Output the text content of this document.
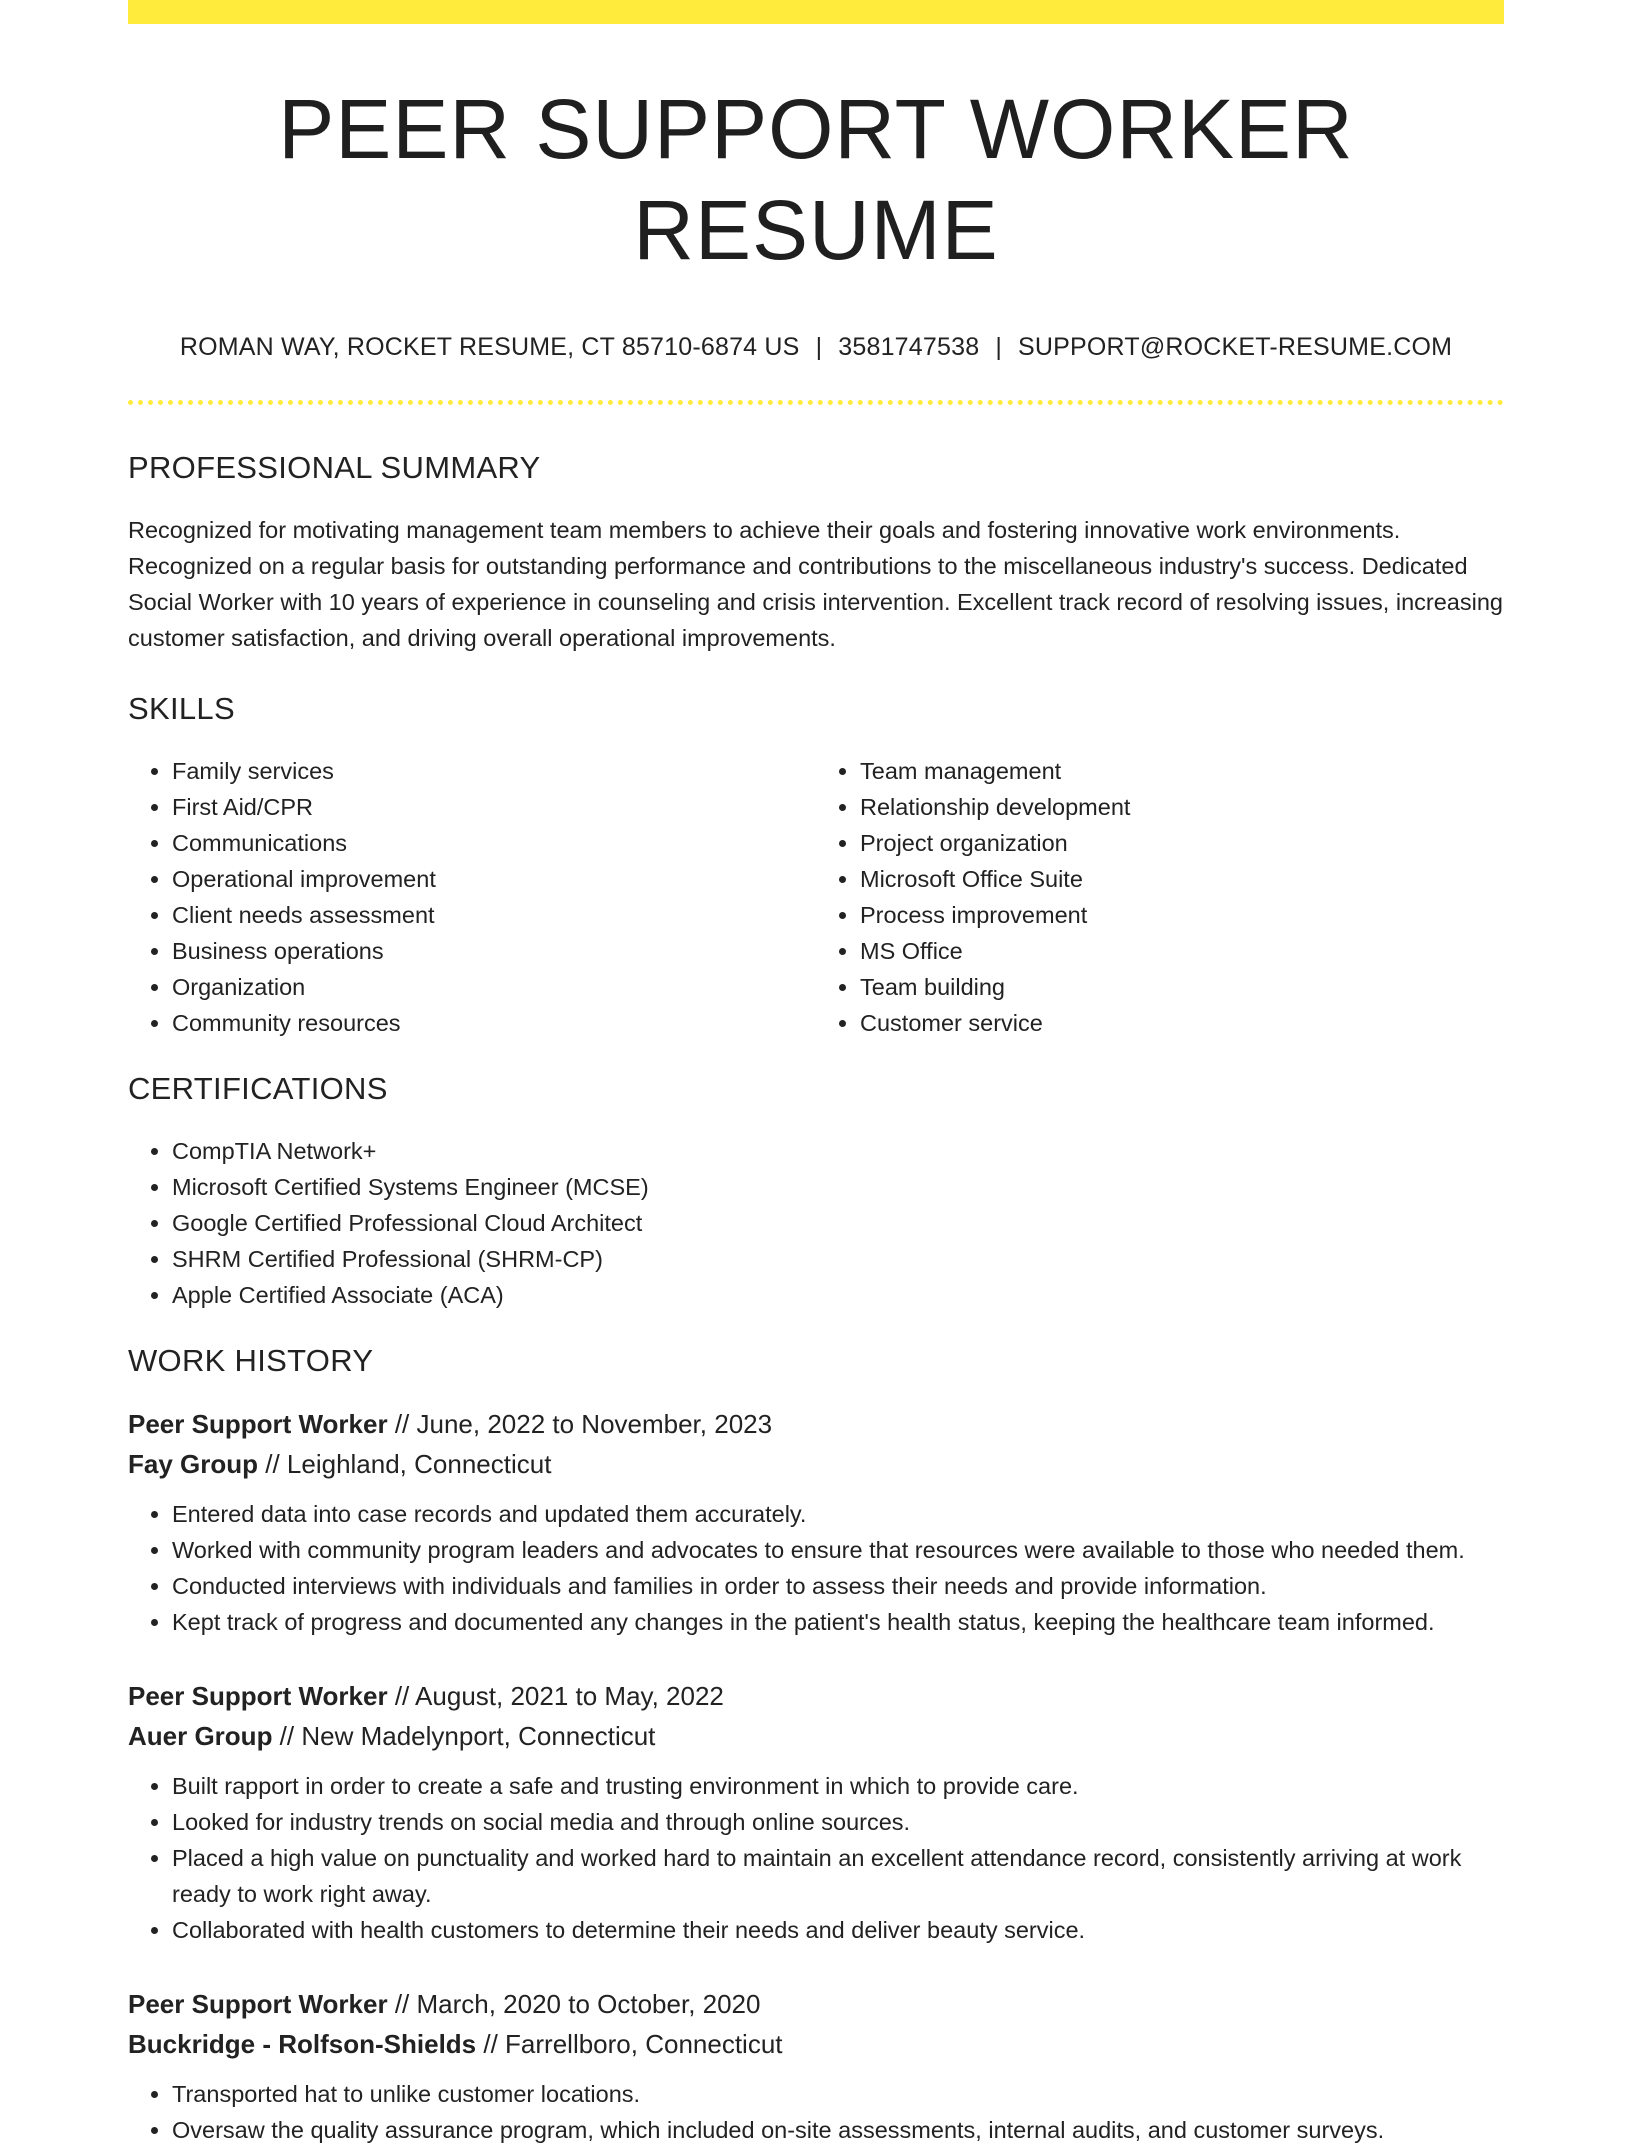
PEER SUPPORT WORKER RESUME
ROMAN WAY, ROCKET RESUME, CT 85710-6874 US | 3581747538 | SUPPORT@ROCKET-RESUME.COM
PROFESSIONAL SUMMARY

Recognized for motivating management team members to achieve their goals and fostering innovative work environments. Recognized on a regular basis for outstanding performance and contributions to the miscellaneous industry's success. Dedicated Social Worker with 10 years of experience in counseling and crisis intervention. Excellent track record of resolving issues, increasing customer satisfaction, and driving overall operational improvements.

SKILLS
• Family services
• First Aid/CPR
• Communications
• Operational improvement
• Client needs assessment
• Business operations
• Organization
• Community resources
• Team management
• Relationship development
• Project organization
• Microsoft Office Suite
• Process improvement
• MS Office
• Team building
• Customer service
CERTIFICATIONS
• CompTIA Network+
• Microsoft Certified Systems Engineer (MCSE)
• Google Certified Professional Cloud Architect
• SHRM Certified Professional (SHRM-CP)
• Apple Certified Associate (ACA)
WORK HISTORY
Peer Support Worker // June, 2022 to November, 2023
Fay Group // Leighland, Connecticut
• Entered data into case records and updated them accurately.
• Worked with community program leaders and advocates to ensure that resources were available to those who needed them.
• Conducted interviews with individuals and families in order to assess their needs and provide information.
• Kept track of progress and documented any changes in the patient's health status, keeping the healthcare team informed.
Peer Support Worker // August, 2021 to May, 2022
Auer Group // New Madelynport, Connecticut
• Built rapport in order to create a safe and trusting environment in which to provide care.
• Looked for industry trends on social media and through online sources.
• Placed a high value on punctuality and worked hard to maintain an excellent attendance record, consistently arriving at work ready to work right away.
• Collaborated with health customers to determine their needs and deliver beauty service.
Peer Support Worker // March, 2020 to October, 2020
Buckridge - Rolfson-Shields // Farrellboro, Connecticut
• Transported hat to unlike customer locations.
• Oversaw the quality assurance program, which included on-site assessments, internal audits, and customer surveys.
